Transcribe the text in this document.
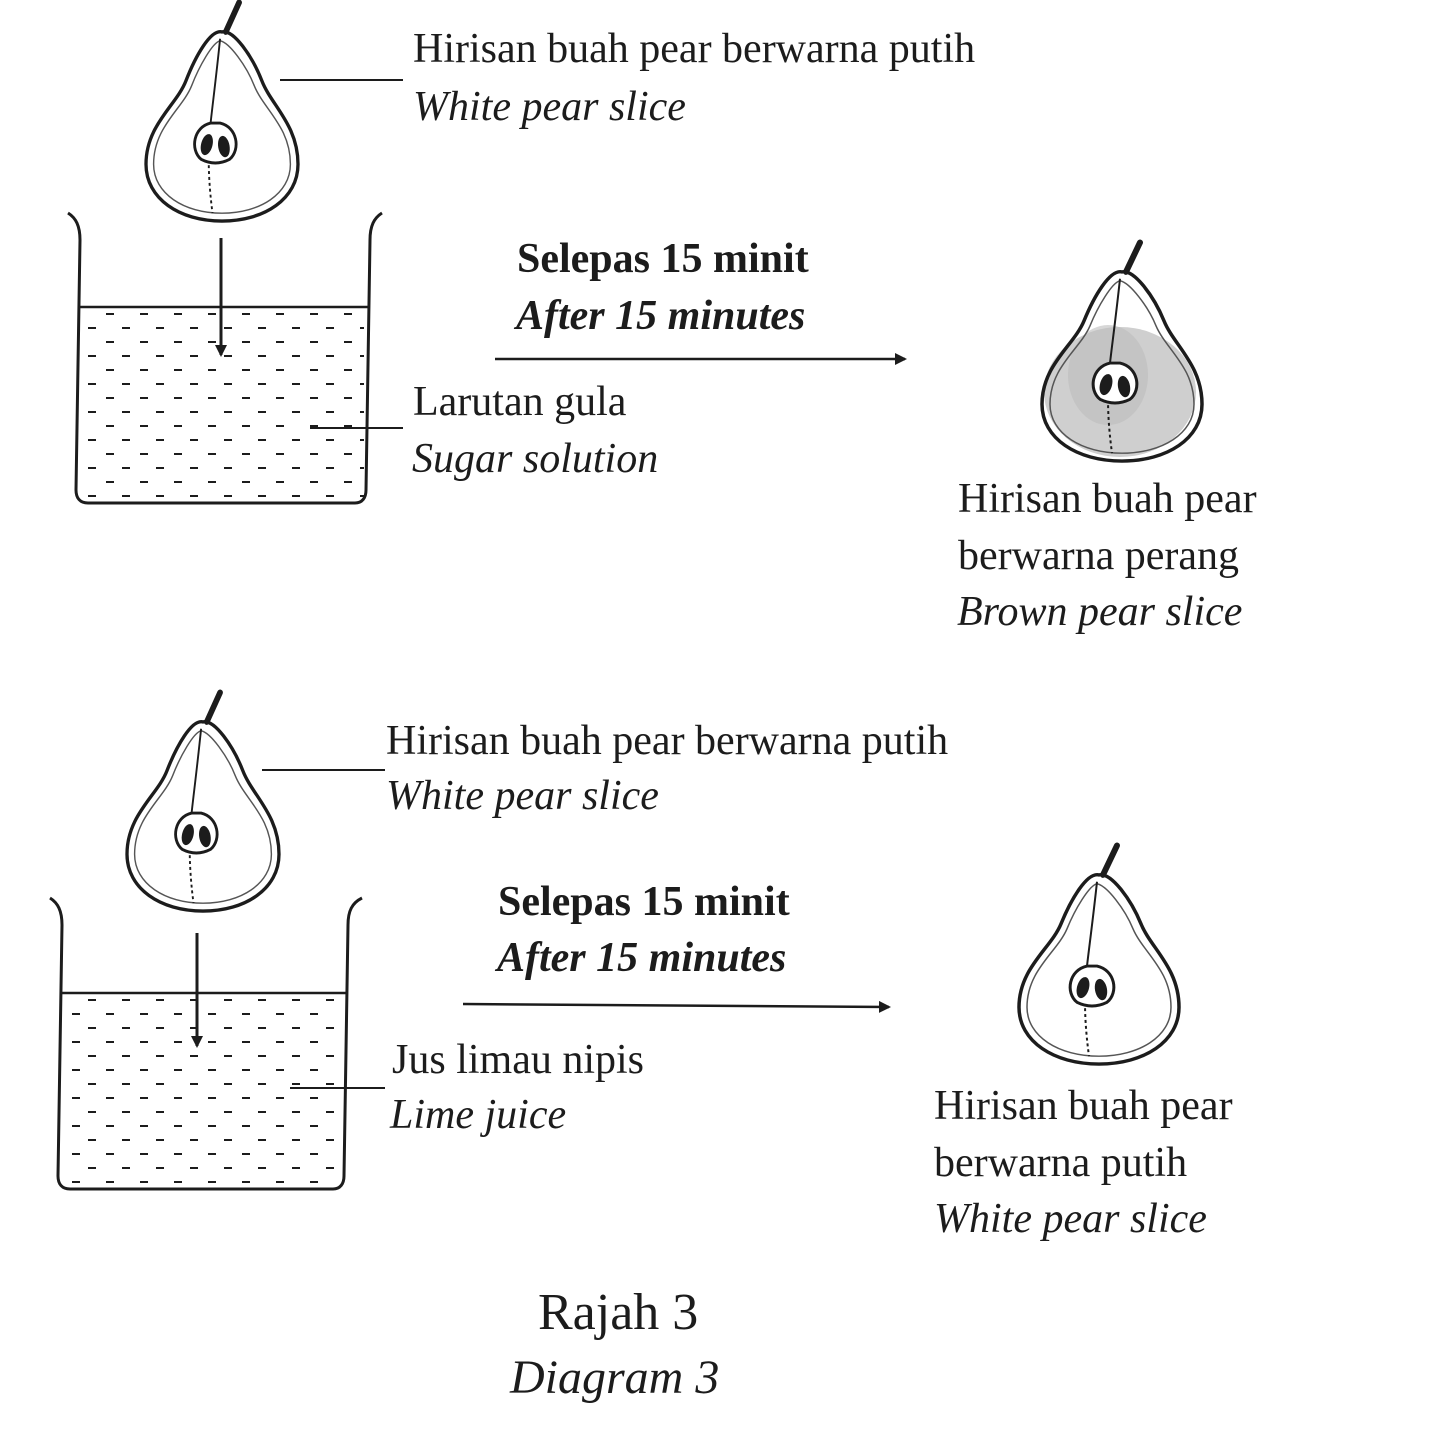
Hirisan buah pear berwarna putih
White pear slice
Selepas 15 minit
After 15 minutes
Larutan gula
Sugar solution
Hirisan buah pear
berwarna perang
Brown pear slice
Hirisan buah pear berwarna putih
White pear slice
Selepas 15 minit
After 15 minutes
Jus limau nipis
Lime juice	Hirisan buah pear
berwarna putih
White pear slice
Rajah 3
Diagram 3
